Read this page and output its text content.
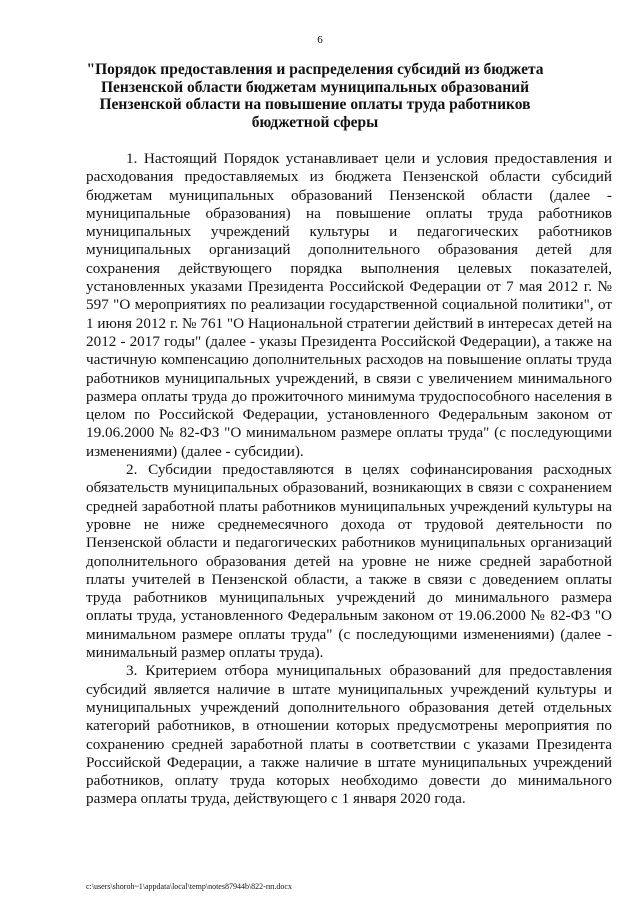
6
"Порядок предоставления и распределения субсидий из бюджета Пензенской области бюджетам муниципальных образований Пензенской области на повышение оплаты труда работников бюджетной сферы

1. Настоящий Порядок устанавливает цели и условия предоставления и расходования предоставляемых из бюджета Пензенской области субсидий бюджетам муниципальных образований Пензенской области (далее - муниципальные образования) на повышение оплаты труда работников муниципальных учреждений культуры и педагогических работников муниципальных организаций дополнительного образования детей для сохранения действующего порядка выполнения целевых показателей, установленных указами Президента Российской Федерации от 7 мая 2012 г. № 597 "О мероприятиях по реализации государственной социальной политики", от 1 июня 2012 г. № 761 "О Национальной стратегии действий в интересах детей на 2012 - 2017 годы" (далее - указы Президента Российской Федерации), а также на частичную компенсацию дополнительных расходов на повышение оплаты труда работников муниципальных учреждений, в связи с увеличением минимального размера оплаты труда до прожиточного минимума трудоспособного населения в целом по Российской Федерации, установленного Федеральным законом от 19.06.2000 № 82-ФЗ "О минимальном размере оплаты труда" (с последующими изменениями) (далее - субсидии).

2. Субсидии предоставляются в целях софинансирования расходных обязательств муниципальных образований, возникающих в связи с сохранением средней заработной платы работников муниципальных учреждений культуры на уровне не ниже среднемесячного дохода от трудовой деятельности по Пензенской области и педагогических работников муниципальных организаций дополнительного образования детей на уровне не ниже средней заработной платы учителей в Пензенской области, а также в связи с доведением оплаты труда работников муниципальных учреждений до минимального размера оплаты труда, установленного Федеральным законом от 19.06.2000 № 82-ФЗ "О минимальном размере оплаты труда" (с последующими изменениями) (далее - минимальный размер оплаты труда).

3. Критерием отбора муниципальных образований для предоставления субсидий является наличие в штате муниципальных учреждений культуры и муниципальных учреждений дополнительного образования детей отдельных категорий работников, в отношении которых предусмотрены мероприятия по сохранению средней заработной платы в соответствии с указами Президента Российской Федерации, а также наличие в штате муниципальных учреждений работников, оплату труда которых необходимо довести до минимального размера оплаты труда, действующего с 1 января 2020 года.

c:\users\shoroh~1\appdata\local\temp\notes87944b\822-пп.docx
